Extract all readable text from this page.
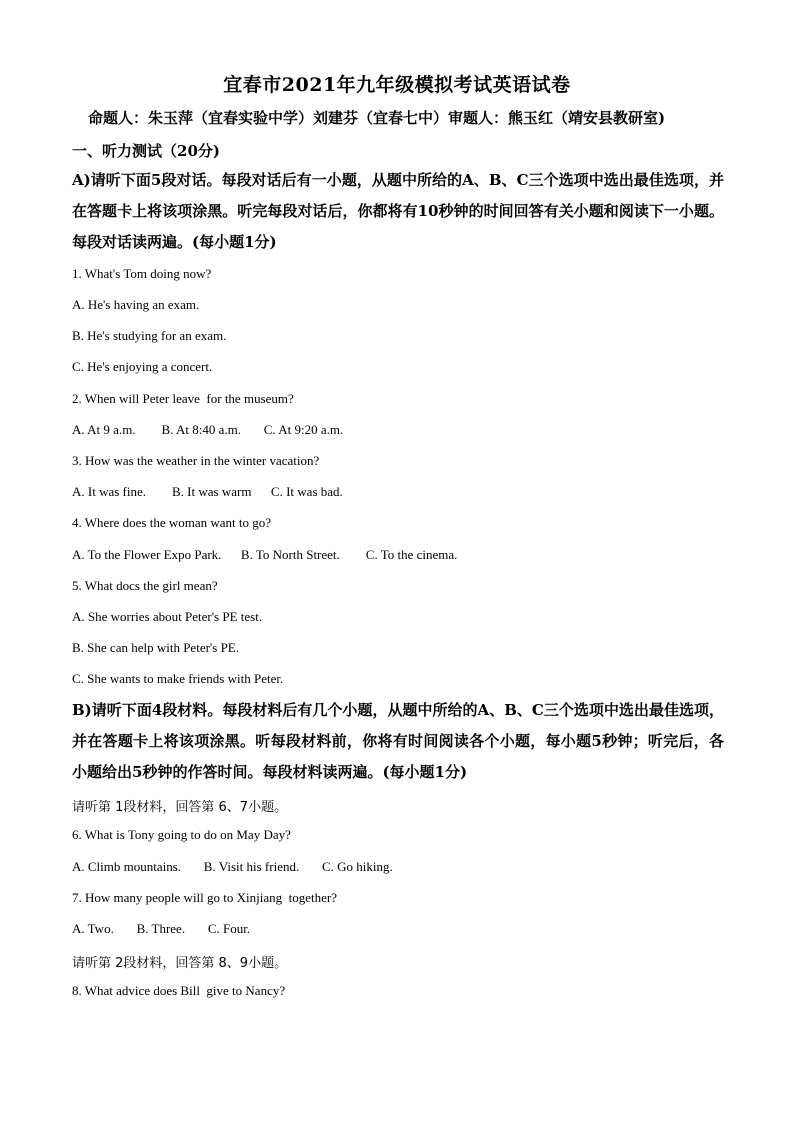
宜春市2021年九年级模拟考试英语试卷
命题人：朱玉萍（宜春实验中学）刘建芬（宜春七中）审题人：熊玉红（靖安县教研室)
一、听力测试（20分)
A)请听下面5段对话。每段对话后有一小题，从题中所给的A、B、C三个选项中选出最佳选项，并在答题卡上将该项涂黑。听完每段对话后，你都将有10秒钟的时间回答有关小题和阅读下一小题。每段对话读两遍。(每小题1分)
1. What's Tom doing now?
A. He's having an exam.
B. He's studying for an exam.
C. He's enjoying a concert.
2. When will Peter leave  for the museum?
A. At 9 a.m.        B. At 8:40 a.m.       C. At 9:20 a.m.
3. How was the weather in the winter vacation?
A. It was fine.        B. It was warm      C. It was bad.
4. Where does the woman want to go?
A. To the Flower Expo Park.      B. To North Street.        C. To the cinema.
5. What docs the girl mean?
A. She worries about Peter's PE test.
B. She can help with Peter's PE.
C. She wants to make friends with Peter.
B)请听下面4段材料。每段材料后有几个小题，从题中所给的A、B、C三个选项中选出最佳选项，并在答题卡上将该项涂黑。听每段材料前，你将有时间阅读各个小题，每小题5秒钟；听完后，各小题给出5秒钟的作答时间。每段材料读两遍。(每小题1分)
请听第 1段材料，回答第 6、7小题。
6. What is Tony going to do on May Day?
A. Climb mountains.       B. Visit his friend.       C. Go hiking.
7. How many people will go to Xinjiang  together?
A. Two.       B. Three.       C. Four.
请听第 2段材料，回答第 8、9小题。
8. What advice does Bill  give to Nancy?
